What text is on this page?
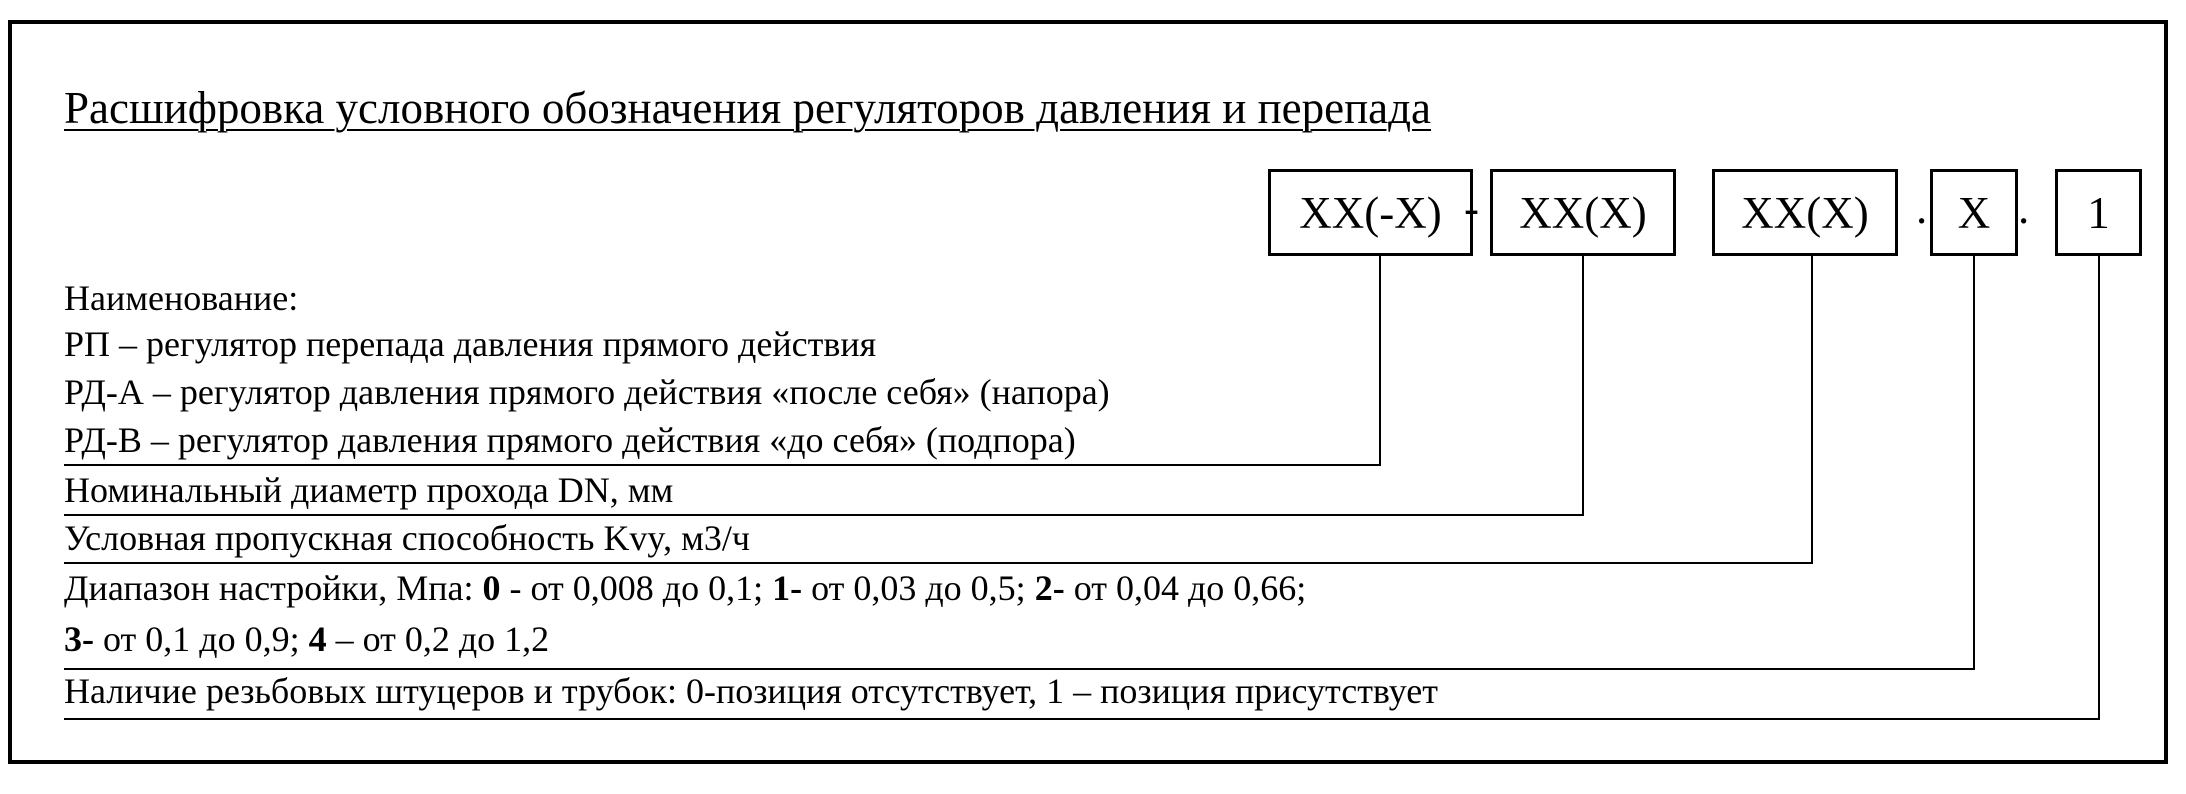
Расшифровка условного обозначения регуляторов давления и перепада
XX(-X) - XX(X)	XX(X)	. X .	1
Наименование:
РП – регулятор перепада давления прямого действия
РД-А – регулятор давления прямого действия «после себя» (напора)
РД-В – регулятор давления прямого действия «до себя» (подпора)
Номинальный диаметр прохода DN, мм
Условная пропускная способность Kvy, м3/ч
Диапазон настройки, Мпа: 0 - от 0,008 до 0,1; 1- от 0,03 до 0,5; 2- от 0,04 до 0,66;
3- от 0,1 до 0,9; 4 – от 0,2 до 1,2
Наличие резьбовых штуцеров и трубок: 0-позиция отсутствует, 1 – позиция присутствует
